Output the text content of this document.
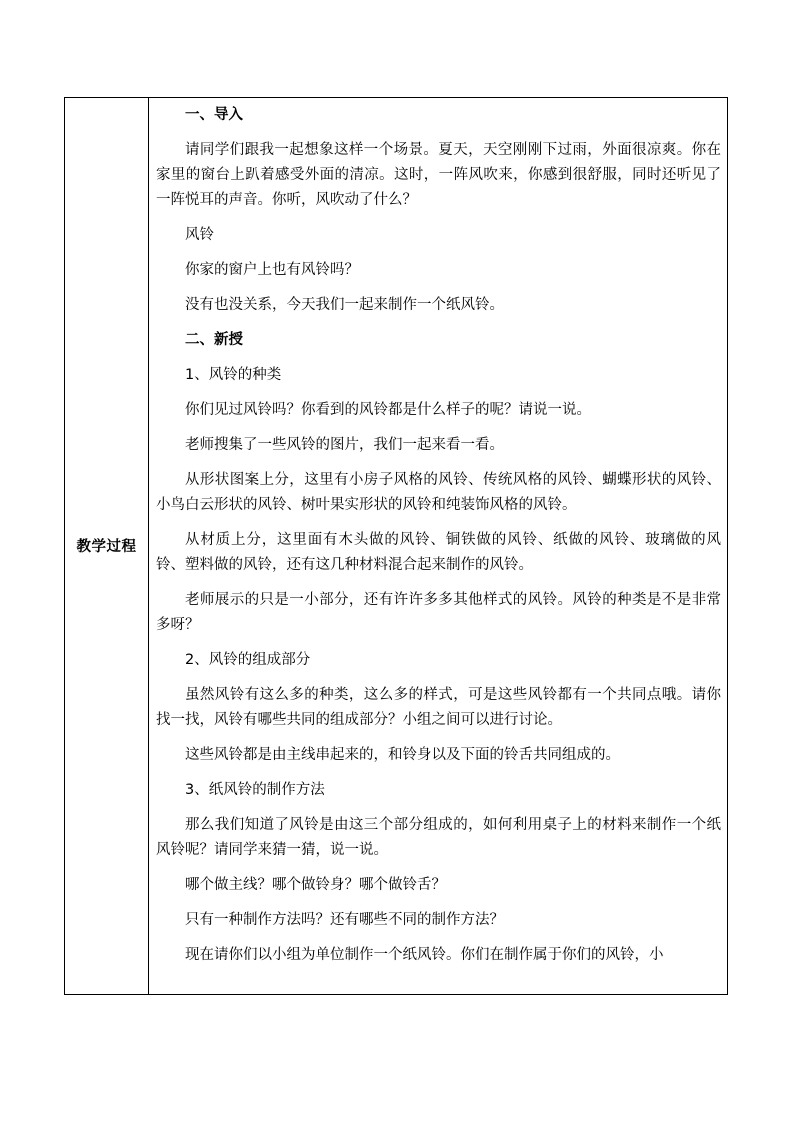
教学过程

一、导入

请同学们跟我一起想象这样一个场景。夏天，天空刚刚下过雨，外面很凉爽。你在家里的窗台上趴着感受外面的清凉。这时，一阵风吹来，你感到很舒服，同时还听见了一阵悦耳的声音。你听，风吹动了什么？

风铃

你家的窗户上也有风铃吗？

没有也没关系，今天我们一起来制作一个纸风铃。

二、新授

1、风铃的种类

你们见过风铃吗？你看到的风铃都是什么样子的呢？请说一说。

老师搜集了一些风铃的图片，我们一起来看一看。

从形状图案上分，这里有小房子风格的风铃、传统风格的风铃、蝴蝶形状的风铃、小鸟白云形状的风铃、树叶果实形状的风铃和纯装饰风格的风铃。

从材质上分，这里面有木头做的风铃、铜铁做的风铃、纸做的风铃、玻璃做的风铃、塑料做的风铃，还有这几种材料混合起来制作的风铃。

老师展示的只是一小部分，还有许许多多其他样式的风铃。风铃的种类是不是非常多呀？

2、风铃的组成部分

虽然风铃有这么多的种类，这么多的样式，可是这些风铃都有一个共同点哦。请你找一找，风铃有哪些共同的组成部分？小组之间可以进行讨论。

这些风铃都是由主线串起来的，和铃身以及下面的铃舌共同组成的。

3、纸风铃的制作方法

那么我们知道了风铃是由这三个部分组成的，如何利用桌子上的材料来制作一个纸风铃呢？请同学来猜一猜，说一说。

哪个做主线？哪个做铃身？哪个做铃舌？

只有一种制作方法吗？还有哪些不同的制作方法？

现在请你们以小组为单位制作一个纸风铃。你们在制作属于你们的风铃，小
